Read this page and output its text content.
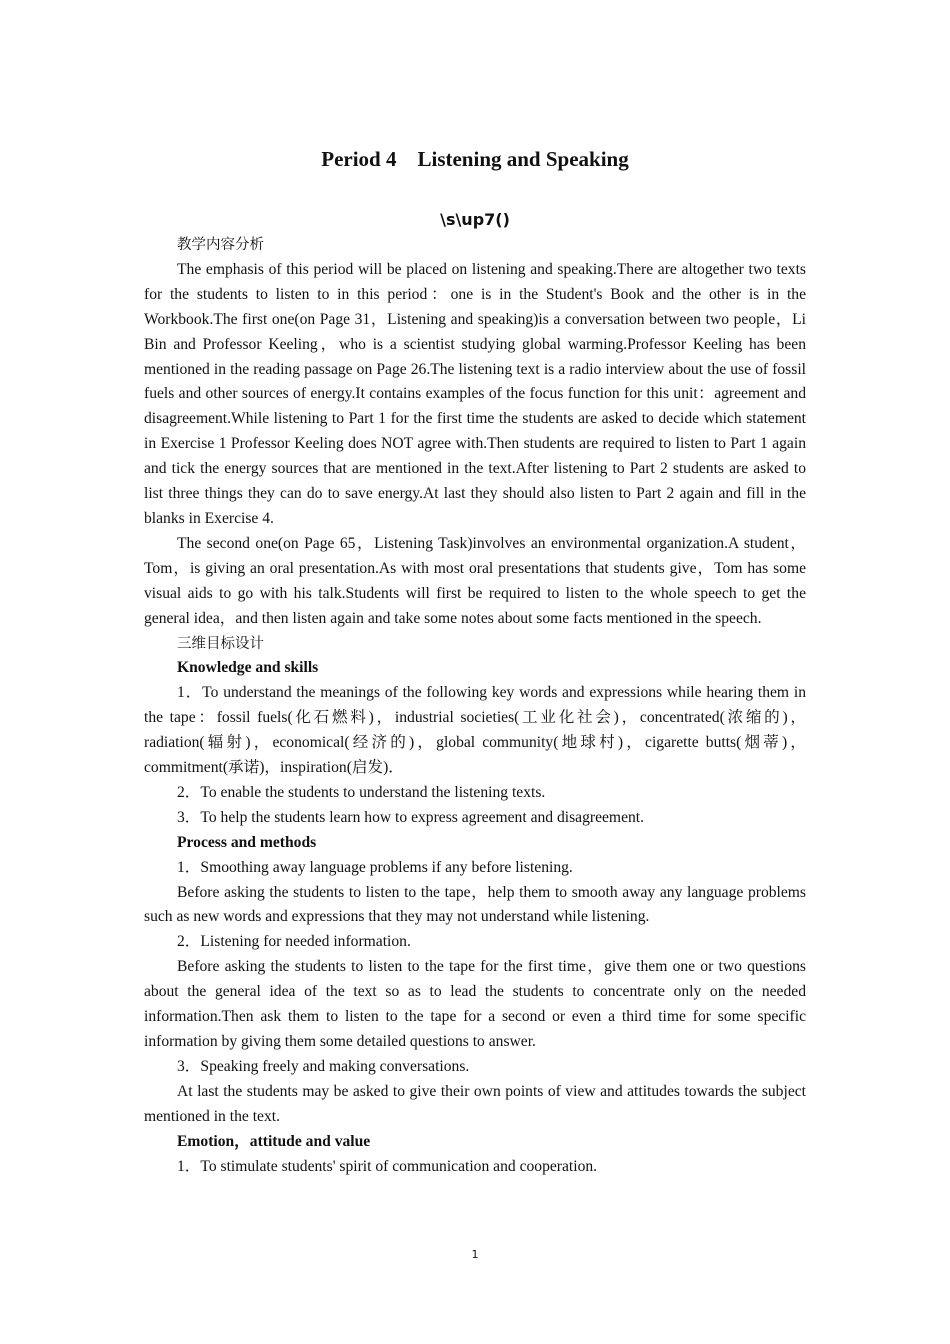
Period 4　Listening and Speaking
\s\up7()

教学内容分析

The emphasis of this period will be placed on listening and speaking.There are altogether two texts for the students to listen to in this period：one is in the Student's Book and the other is in the Workbook.The first one(on Page 31，Listening and speaking)is a conversation between two people，Li Bin and Professor Keeling，who is a scientist studying global warming.Professor Keeling has been mentioned in the reading passage on Page 26.The listening text is a radio interview about the use of fossil fuels and other sources of energy.It contains examples of the focus function for this unit：agreement and disagreement.While listening to Part 1 for the first time the students are asked to decide which statement in Exercise 1 Professor Keeling does NOT agree with.Then students are required to listen to Part 1 again and tick the energy sources that are mentioned in the text.After listening to Part 2 students are asked to list three things they can do to save energy.At last they should also listen to Part 2 again and fill in the blanks in Exercise 4.

The second one(on Page 65，Listening Task)involves an environmental organization.A student，Tom，is giving an oral presentation.As with most oral presentations that students give，Tom has some visual aids to go with his talk.Students will first be required to listen to the whole speech to get the general idea，and then listen again and take some notes about some facts mentioned in the speech.

三维目标设计

Knowledge and skills

1．To understand the meanings of the following key words and expressions while hearing them in the tape：fossil fuels(化石燃料)，industrial societies(工业化社会)，concentrated(浓缩的)，radiation(辐射)，economical(经济的)，global community(地球村)，cigarette butts(烟蒂)，commitment(承诺)，inspiration(启发)．

2．To enable the students to understand the listening texts.

3．To help the students learn how to express agreement and disagreement.

Process and methods

1．Smoothing away language problems if any before listening.

Before asking the students to listen to the tape，help them to smooth away any language problems such as new words and expressions that they may not understand while listening.

2．Listening for needed information.

Before asking the students to listen to the tape for the first time，give them one or two questions about the general idea of the text so as to lead the students to concentrate only on the needed information.Then ask them to listen to the tape for a second or even a third time for some specific information by giving them some detailed questions to answer.

3．Speaking freely and making conversations.

At last the students may be asked to give their own points of view and attitudes towards the subject mentioned in the text.

Emotion，attitude and value

1．To stimulate students' spirit of communication and cooperation.

1
